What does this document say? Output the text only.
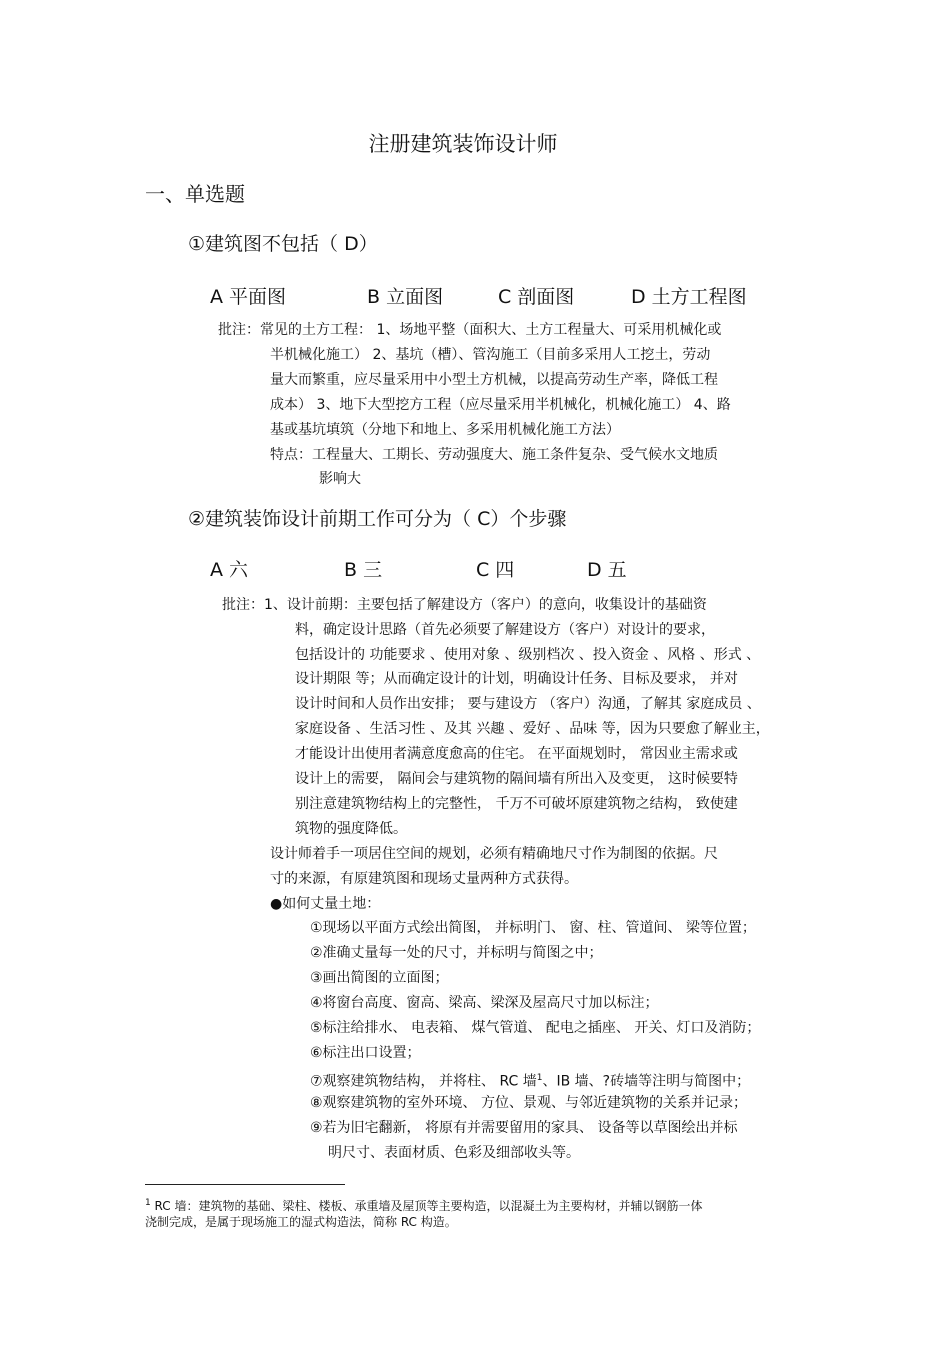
注册建筑装饰设计师
一、单选题
①建筑图不包括（ D）
A 平面图	B 立面图	C 剖面图	D 土方工程图
批注：常见的土方工程： 1、场地平整（面积大、土方工程量大、可采用机械化或
半机械化施工） 2、基坑（槽）、管沟施工（目前多采用人工挖土，劳动
量大而繁重，应尽量采用中小型土方机械，以提高劳动生产率，降低工程
成本） 3、地下大型挖方工程（应尽量采用半机械化，机械化施工） 4、路
基或基坑填筑（分地下和地上、多采用机械化施工方法）
特点：工程量大、工期长、劳动强度大、施工条件复杂、受气候水文地质
影响大
②建筑装饰设计前期工作可分为（ C）个步骤
A 六	B 三	C 四	D 五
批注：1、设计前期：主要包括了解建设方（客户）的意向，收集设计的基础资
料，确定设计思路（首先必须要了解建设方（客户）对设计的要求，
包括设计的 功能要求 、使用对象 、级别档次 、投入资金 、风格 、形式 、
设计期限 等；从而确定设计的计划，明确设计任务、目标及要求， 并对
设计时间和人员作出安排； 要与建设方 （客户）沟通，了解其 家庭成员 、
家庭设备 、生活习性 、及其 兴趣 、爱好 、品味 等，因为只要愈了解业主，
才能设计出使用者满意度愈高的住宅。 在平面规划时， 常因业主需求或
设计上的需要， 隔间会与建筑物的隔间墙有所出入及变更， 这时候要特
别注意建筑物结构上的完整性， 千万不可破坏原建筑物之结构， 致使建
筑物的强度降低。
设计师着手一项居住空间的规划，必须有精确地尺寸作为制图的依据。尺
寸的来源，有原建筑图和现场丈量两种方式获得。
●如何丈量土地：
①现场以平面方式绘出简图， 并标明门、 窗、柱、管道间、 梁等位置；
②准确丈量每一处的尺寸，并标明与简图之中；
③画出简图的立面图；
④将窗台高度、窗高、梁高、梁深及屋高尺寸加以标注；
⑤标注给排水、 电表箱、 煤气管道、 配电之插座、 开关、灯口及消防；
⑥标注出口设置；
⑦观察建筑物结构， 并将柱、 RC 墙$^1$、IB 墙、?砖墙等注明与简图中；
⑧观察建筑物的室外环境、 方位、景观、与邻近建筑物的关系并记录；
⑨若为旧宅翻新， 将原有并需要留用的家具、 设备等以草图绘出并标
明尺寸、表面材质、色彩及细部收头等。
$^1$ RC 墙：建筑物的基础、梁柱、楼板、承重墙及屋顶等主要构造，以混凝土为主要构材，并辅以钢筋一体
浇制完成，是属于现场施工的湿式构造法，简称 RC 构造。
